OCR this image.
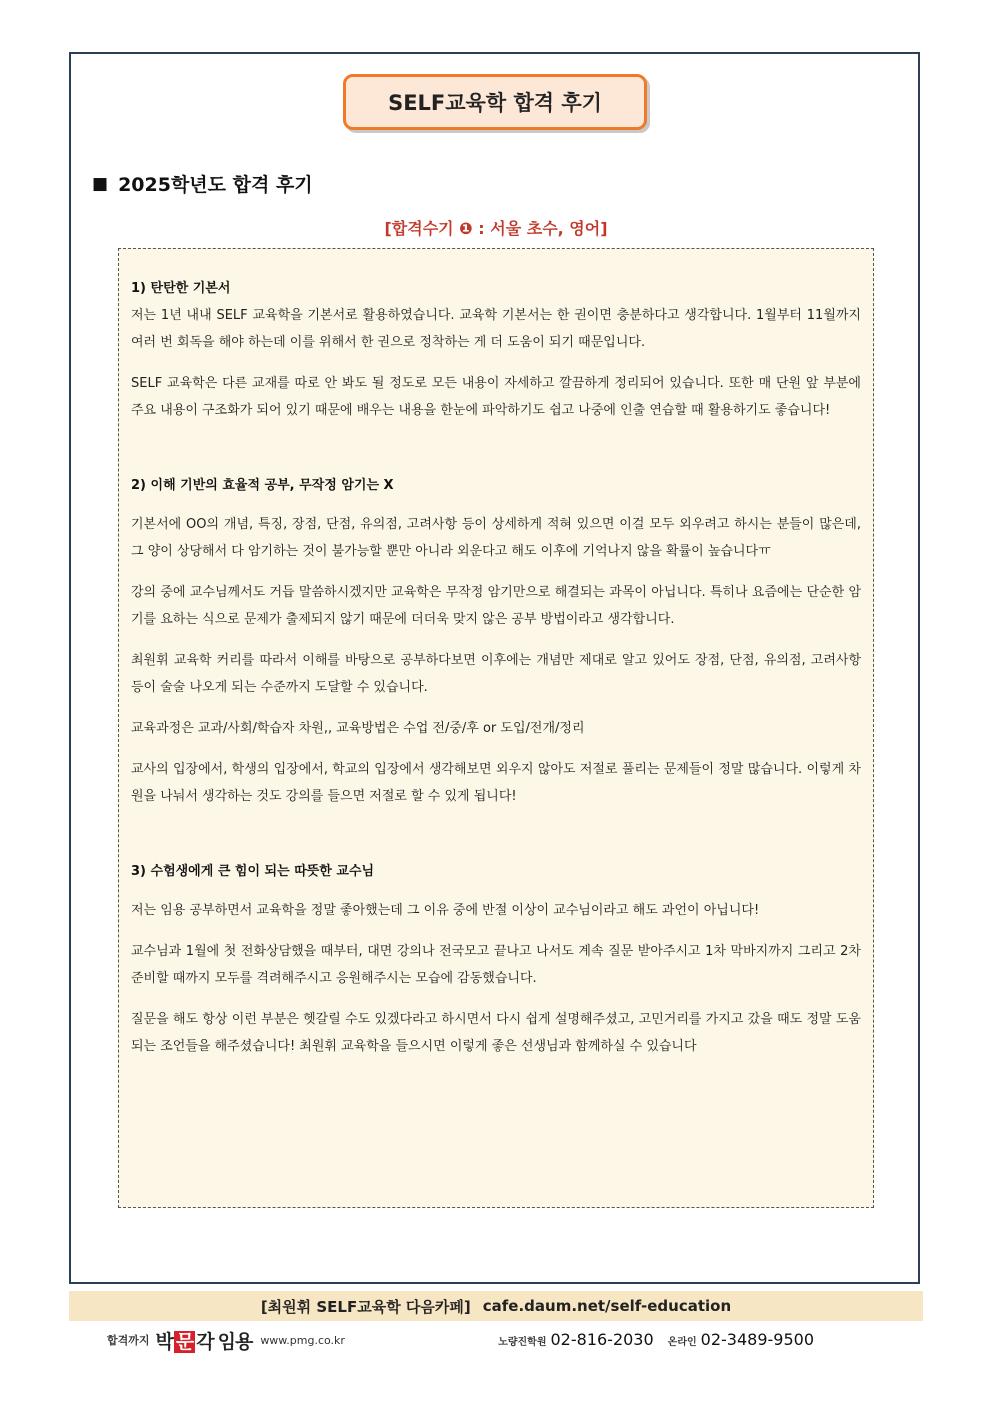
SELF교육학 합격 후기
■ 2025학년도 합격 후기
[합격수기 ❶ : 서울 초수, 영어]

1) 탄탄한 기본서

저는 1년 내내 SELF 교육학을 기본서로 활용하였습니다. 교육학 기본서는 한 권이면 충분하다고 생각합니다. 1월부터 11월까지 여러 번 회독을 해야 하는데 이를 위해서 한 권으로 정착하는 게 더 도움이 되기 때문입니다.

SELF 교육학은 다른 교재를 따로 안 봐도 될 정도로 모든 내용이 자세하고 깔끔하게 정리되어 있습니다. 또한 매 단원 앞 부분에 주요 내용이 구조화가 되어 있기 때문에 배우는 내용을 한눈에 파악하기도 쉽고 나중에 인출 연습할 때 활용하기도 좋습니다!

2) 이해 기반의 효율적 공부, 무작정 암기는 X

기본서에 OO의 개념, 특징, 장점, 단점, 유의점, 고려사항 등이 상세하게 적혀 있으면 이걸 모두 외우려고 하시는 분들이 많은데, 그 양이 상당해서 다 암기하는 것이 불가능할 뿐만 아니라 외운다고 해도 이후에 기억나지 않을 확률이 높습니다ㅠ

강의 중에 교수님께서도 거듭 말씀하시겠지만 교육학은 무작정 암기만으로 해결되는 과목이 아닙니다. 특히나 요즘에는 단순한 암기를 요하는 식으로 문제가 출제되지 않기 때문에 더더욱 맞지 않은 공부 방법이라고 생각합니다.

최원휘 교육학 커리를 따라서 이해를 바탕으로 공부하다보면 이후에는 개념만 제대로 알고 있어도 장점, 단점, 유의점, 고려사항 등이 술술 나오게 되는 수준까지 도달할 수 있습니다.

교육과정은 교과/사회/학습자 차원,, 교육방법은 수업 전/중/후 or 도입/전개/정리

교사의 입장에서, 학생의 입장에서, 학교의 입장에서 생각해보면 외우지 않아도 저절로 풀리는 문제들이 정말 많습니다. 이렇게 차원을 나눠서 생각하는 것도 강의를 들으면 저절로 할 수 있게 됩니다!

3) 수험생에게 큰 힘이 되는 따뜻한 교수님

저는 임용 공부하면서 교육학을 정말 좋아했는데 그 이유 중에 반절 이상이 교수님이라고 해도 과언이 아닙니다!

교수님과 1월에 첫 전화상담했을 때부터, 대면 강의나 전국모고 끝나고 나서도 계속 질문 받아주시고 1차 막바지까지 그리고 2차 준비할 때까지 모두를 격려해주시고 응원해주시는 모습에 감동했습니다.

질문을 해도 항상 이런 부분은 헷갈릴 수도 있겠다라고 하시면서 다시 쉽게 설명해주셨고, 고민거리를 가지고 갔을 때도 정말 도움 되는 조언들을 해주셨습니다! 최원휘 교육학을 들으시면 이렇게 좋은 선생님과 함께하실 수 있습니다

[최원휘 SELF교육학 다음카페] cafe.daum.net/self-education
합격까지 박 문 각 임용 www.pmg.co.kr	노량진학원 02-816-2030 온라인 02-3489-9500
